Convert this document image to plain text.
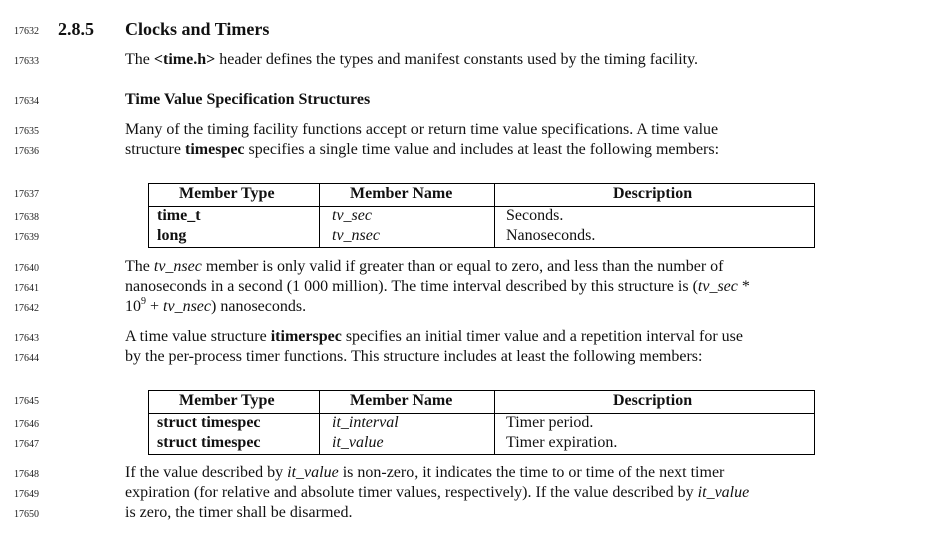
17632
17633
17634
17635
17636
17637
17638
17639
17640
17641
17642
17643
17644
17645
17646
17647
17648
17649
17650
2.8.5 Clocks and Timers
The <time.h> header defines the types and manifest constants used by the timing facility.
Time Value Specification Structures
Many of the timing facility functions accept or return time value specifications. A time value
structure timespec specifies a single time value and includes at least the following members:
Member Type	Member Name	Description
time_t	tv_sec	Seconds.
long	tv_nsec	Nanoseconds.
The tv_nsec member is only valid if greater than or equal to zero, and less than the number of
nanoseconds in a second (1 000 million). The time interval described by this structure is (tv_sec *
$10^9$ + tv_nsec) nanoseconds.
A time value structure itimerspec specifies an initial timer value and a repetition interval for use
by the per-process timer functions. This structure includes at least the following members:
Member Type	Member Name	Description
struct timespec	it_interval	Timer period.
struct timespec	it_value	Timer expiration.
If the value described by it_value is non-zero, it indicates the time to or time of the next timer
expiration (for relative and absolute timer values, respectively). If the value described by it_value
is zero, the timer shall be disarmed.
